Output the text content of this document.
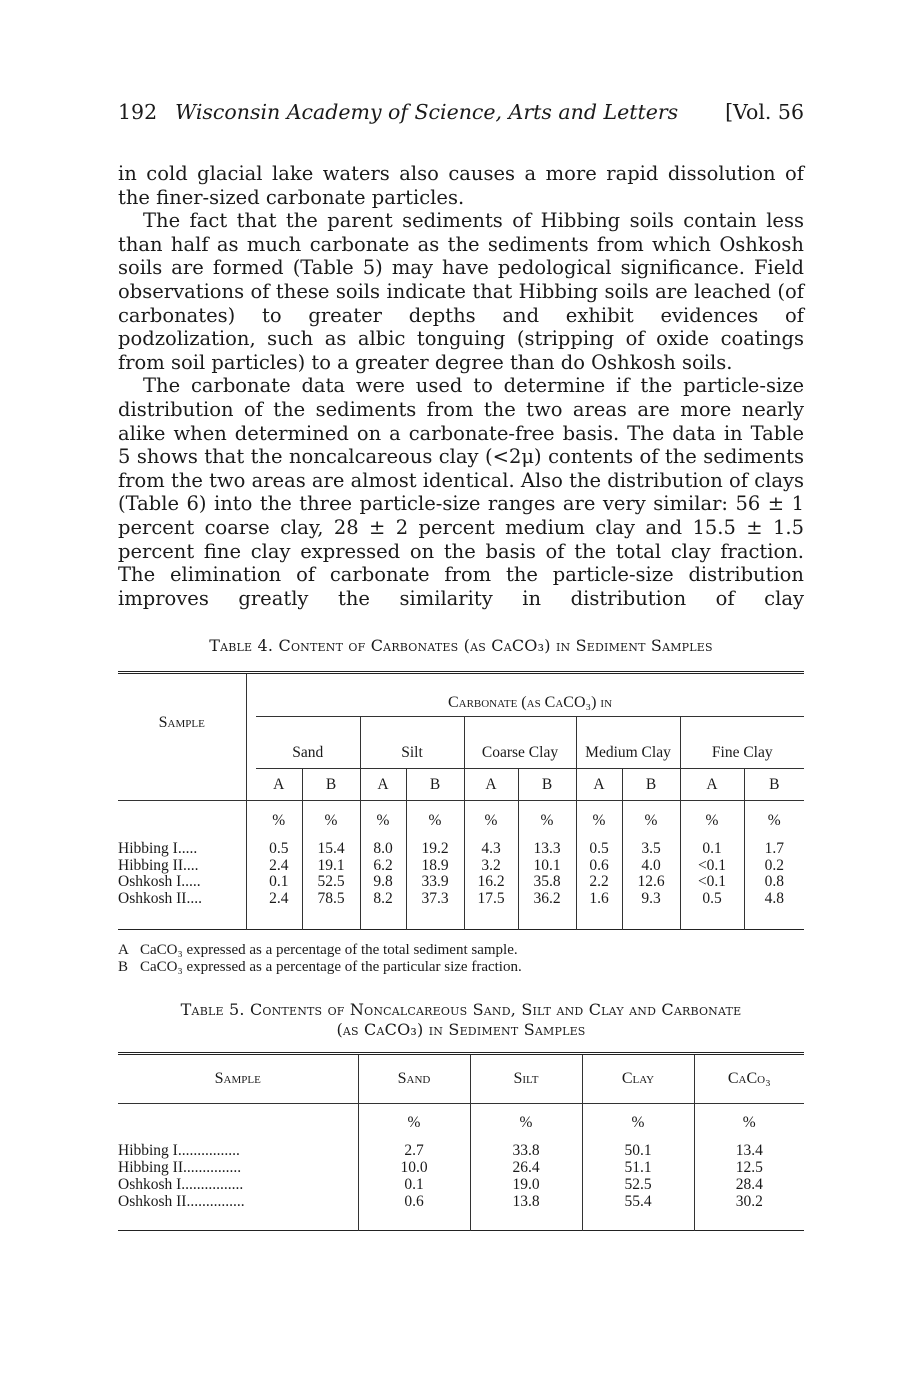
192 Wisconsin Academy of Science, Arts and Letters	[Vol. 56

in cold glacial lake waters also causes a more rapid dissolution of the finer-sized carbonate particles.

The fact that the parent sediments of Hibbing soils contain less than half as much carbonate as the sediments from which Oshkosh soils are formed (Table 5) may have pedological significance. Field observations of these soils indicate that Hibbing soils are leached (of carbonates) to greater depths and exhibit evidences of podzolization, such as albic tonguing (stripping of oxide coatings from soil particles) to a greater degree than do Oshkosh soils.

The carbonate data were used to determine if the particle-size distribution of the sediments from the two areas are more nearly alike when determined on a carbonate-free basis. The data in Table 5 shows that the noncalcareous clay (<2μ) contents of the sediments from the two areas are almost identical. Also the distribution of clays (Table 6) into the three particle-size ranges are very similar: 56 ± 1 percent coarse clay, 28 ± 2 percent medium clay and 15.5 ± 1.5 percent fine clay expressed on the basis of the total clay fraction. The elimination of carbonate from the particle-size distribution improves greatly the similarity in distribution of clay

Table 4. Content of Carbonates (as CaCO₃) in Sediment Samples
Sample		Carbonate (as CaCO₃) in									
		Sand		Silt		Coarse Clay		Medium Clay		Fine Clay	
		A	B	A	B	A	B	A	B	A	B
		%	%	%	%	%	%	%	%	%	%
Hibbing I.....		0.5	15.4	8.0	19.2	4.3	13.3	0.5	3.5	0.1	1.7
Hibbing II....		2.4	19.1	6.2	18.9	3.2	10.1	0.6	4.0	<0.1	0.2
Oshkosh I.....		0.1	52.5	9.8	33.9	16.2	35.8	2.2	12.6	<0.1	0.8
Oshkosh II....		2.4	78.5	8.2	37.3	17.5	36.2	1.6	9.3	0.5	4.8
A CaCO₃ expressed as a percentage of the total sediment sample.
B CaCO₃ expressed as a percentage of the particular size fraction.
Table 5. Contents of Noncalcareous Sand, Silt and Clay and Carbonate
(as CaCO₃) in Sediment Samples
Sample	Sand	Silt	Clay	CaCo₃
	%	%	%	%
Hibbing I................	2.7	33.8	50.1	13.4
Hibbing II...............	10.0	26.4	51.1	12.5
Oshkosh I................	0.1	19.0	52.5	28.4
Oshkosh II...............	0.6	13.8	55.4	30.2
